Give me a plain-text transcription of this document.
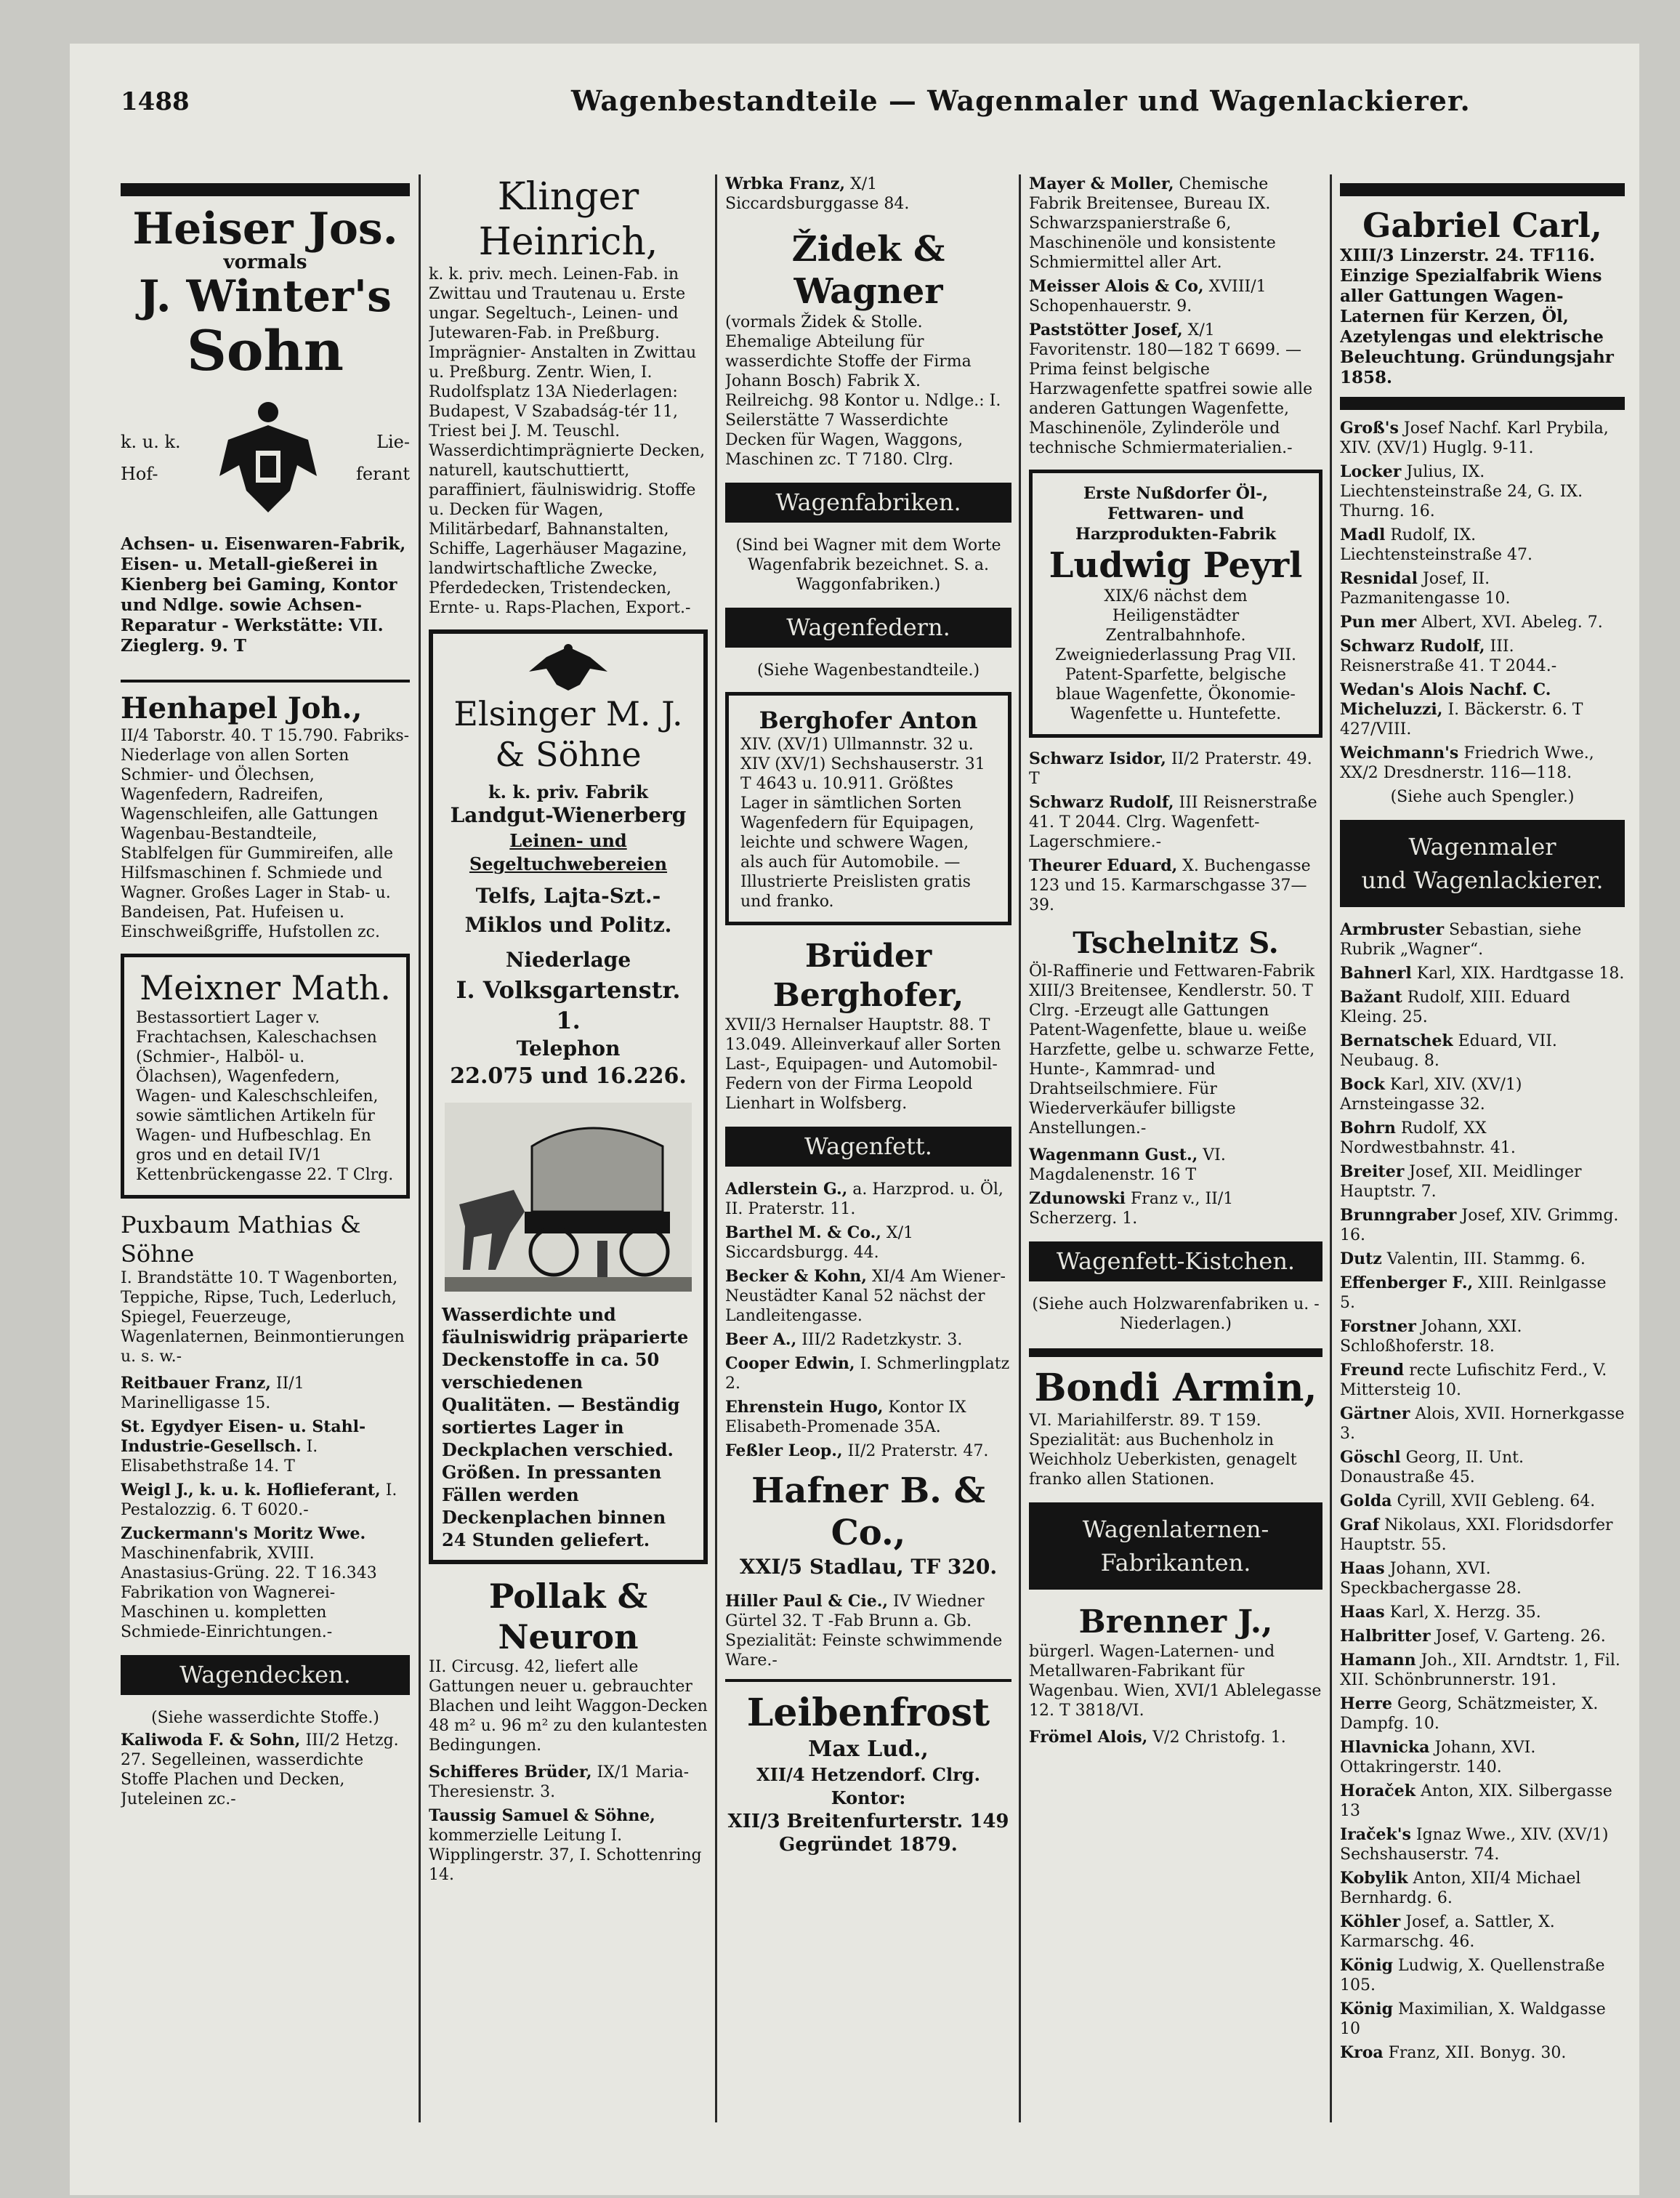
1488	Wagenbestandteile — Wagenmaler und Wagenlackierer.
Heiser Jos.
vormals
J. Winter's
Sohn
k. u. k.
Hof-
Lie-
ferant
Achsen- u. Eisenwaren-Fabrik, Eisen- u. Metall-gießerei in Kienberg bei Gaming, Kontor und Ndlge. sowie Achsen-Reparatur - Werkstätte: VII. Zieglerg. 9. T
Henhapel Joh.,
II/4 Taborstr. 40. T 15.790. Fabriks-Niederlage von allen Sorten Schmier- und Ölechsen, Wagenfedern, Radreifen, Wagenschleifen, alle Gattungen Wagenbau-Bestandteile, Stablfelgen für Gummireifen, alle Hilfsmaschinen f. Schmiede und Wagner. Großes Lager in Stab- u. Bandeisen, Pat. Hufeisen u. Einschweißgriffe, Hufstollen zc.
Meixner Math.
Bestassortiert Lager v. Frachtachsen, Kaleschachsen (Schmier-, Halböl- u. Ölachsen), Wagenfedern, Wagen- und Kaleschschleifen, sowie sämtlichen Artikeln für Wagen- und Hufbeschlag. En gros und en detail IV/1 Kettenbrückengasse 22. T Clrg.
Puxbaum Mathias & Söhne
I. Brandstätte 10. T Wagenborten, Teppiche, Ripse, Tuch, Lederluch, Spiegel, Feuerzeuge, Wagenlaternen, Beinmontierungen u. s. w.-
Reitbauer Franz, II/1 Marinelligasse 15.
St. Egydyer Eisen- u. Stahl-Industrie-Gesellsch. I. Elisabethstraße 14. T
Weigl J., k. u. k. Hoflieferant, I. Pestalozzig. 6. T 6020.-
Zuckermann's Moritz Wwe. Maschinenfabrik, XVIII. Anastasius-Grüng. 22. T 16.343 Fabrikation von Wagnerei-Maschinen u. kompletten Schmiede-Einrichtungen.-
Wagendecken.
(Siehe wasserdichte Stoffe.)
Kaliwoda F. & Sohn, III/2 Hetzg. 27. Segelleinen, wasserdichte Stoffe Plachen und Decken, Juteleinen zc.-
Klinger Heinrich,
k. k. priv. mech. Leinen-Fab. in Zwittau und Trautenau u. Erste ungar. Segeltuch-, Leinen- und Jutewaren-Fab. in Preßburg. Imprägnier- Anstalten in Zwittau u. Preßburg. Zentr. Wien, I. Rudolfsplatz 13A Niederlagen: Budapest, V Szabadság-tér 11, Triest bei J. M. Teuschl. Wasserdichtimprägnierte Decken, naturell, kautschuttiertt, paraffiniert, fäulniswidrig. Stoffe u. Decken für Wagen, Militärbedarf, Bahnanstalten, Schiffe, Lagerhäuser Magazine, landwirtschaftliche Zwecke, Pferdedecken, Tristendecken, Ernte- u. Raps-Plachen, Export.-
Elsinger M. J.
& Söhne
k. k. priv. Fabrik
Landgut-Wienerberg
Leinen- und Segeltuchwebereien
Telfs, Lajta-Szt.-Miklos und Politz.
Niederlage
I. Volksgartenstr. 1.
Telephon
22.075 und 16.226.
Wasserdichte und fäulniswidrig präparierte Deckenstoffe in ca. 50 verschiedenen Qualitäten. — Beständig sortiertes Lager in Deckplachen verschied. Größen. In pressanten Fällen werden Deckenplachen binnen 24 Stunden geliefert.
Pollak & Neuron
II. Circusg. 42, liefert alle Gattungen neuer u. gebrauchter Blachen und leiht Waggon-Decken 48 m² u. 96 m² zu den kulantesten Bedingungen.
Schifferes Brüder, IX/1 Maria-Theresienstr. 3.
Taussig Samuel & Söhne, kommerzielle Leitung I. Wipplingerstr. 37, I. Schottenring 14.
Wrbka Franz, X/1 Siccardsburggasse 84.
Židek & Wagner
(vormals Židek & Stolle. Ehemalige Abteilung für wasserdichte Stoffe der Firma Johann Bosch) Fabrik X. Reilreichg. 98 Kontor u. Ndlge.: I. Seilerstätte 7 Wasserdichte Decken für Wagen, Waggons, Maschinen zc. T 7180. Clrg.
Wagenfabriken.
(Sind bei Wagner mit dem Worte Wagenfabrik bezeichnet. S. a. Waggonfabriken.)
Wagenfedern.
(Siehe Wagenbestandteile.)
Berghofer Anton
XIV. (XV/1) Ullmannstr. 32 u. XIV (XV/1) Sechshauserstr. 31 T 4643 u. 10.911. Größtes Lager in sämtlichen Sorten Wagenfedern für Equipagen, leichte und schwere Wagen, als auch für Automobile. — Illustrierte Preislisten gratis und franko.
Brüder Berghofer,
XVII/3 Hernalser Hauptstr. 88. T 13.049. Alleinverkauf aller Sorten Last-, Equipagen- und Automobil-Federn von der Firma Leopold Lienhart in Wolfsberg.
Wagenfett.
Adlerstein G., a. Harzprod. u. Öl, II. Praterstr. 11.
Barthel M. & Co., X/1 Siccardsburgg. 44.
Becker & Kohn, XI/4 Am Wiener-Neustädter Kanal 52 nächst der Landleitengasse.
Beer A., III/2 Radetzkystr. 3.
Cooper Edwin, I. Schmerlingplatz 2.
Ehrenstein Hugo, Kontor IX Elisabeth-Promenade 35A.
Feßler Leop., II/2 Praterstr. 47.
Hafner B. & Co.,
XXI/5 Stadlau, TF 320.
Hiller Paul & Cie., IV Wiedner Gürtel 32. T -Fab Brunn a. Gb. Spezialität: Feinste schwimmende Ware.-
Leibenfrost
Max Lud.,
XII/4 Hetzendorf. Clrg.
Kontor:
XII/3 Breitenfurterstr. 149
Gegründet 1879.
Mayer & Moller, Chemische Fabrik Breitensee, Bureau IX. Schwarzspanierstraße 6, Maschinenöle und konsistente Schmiermittel aller Art.
Meisser Alois & Co, XVIII/1 Schopenhauerstr. 9.
Paststötter Josef, X/1 Favoritenstr. 180—182 T 6699. —Prima feinst belgische Harzwagenfette spatfrei sowie alle anderen Gattungen Wagenfette, Maschinenöle, Zylinderöle und technische Schmiermaterialien.-
Erste Nußdorfer Öl-, Fettwaren- und Harzprodukten-Fabrik
Ludwig Peyrl
XIX/6 nächst dem Heiligenstädter Zentralbahnhofe. Zweigniederlassung Prag VII. Patent-Sparfette, belgische blaue Wagenfette, Ökonomie-Wagenfette u. Huntefette.
Schwarz Isidor, II/2 Praterstr. 49. T
Schwarz Rudolf, III Reisnerstraße 41. T 2044. Clrg. Wagenfett-Lagerschmiere.-
Theurer Eduard, X. Buchengasse 123 und 15. Karmarschgasse 37—39.
Tschelnitz S.
Öl-Raffinerie und Fettwaren-Fabrik XIII/3 Breitensee, Kendlerstr. 50. T Clrg. -Erzeugt alle Gattungen Patent-Wagenfette, blaue u. weiße Harzfette, gelbe u. schwarze Fette, Hunte-, Kammrad- und Drahtseilschmiere. Für Wiederverkäufer billigste Anstellungen.-
Wagenmann Gust., VI. Magdalenenstr. 16 T
Zdunowski Franz v., II/1 Scherzerg. 1.
Wagenfett-Kistchen.
(Siehe auch Holzwarenfabriken u. -Niederlagen.)
Bondi Armin,
VI. Mariahilferstr. 89. T 159. Spezialität: aus Buchenholz in Weichholz Ueberkisten, genagelt franko allen Stationen.
Wagenlaternen-
Fabrikanten.
Brenner J.,
bürgerl. Wagen-Laternen- und Metallwaren-Fabrikant für Wagenbau. Wien, XVI/1 Ablelegasse 12. T 3818/VI.
Frömel Alois, V/2 Christofg. 1.
Gabriel Carl,
XIII/3 Linzerstr. 24. TF116. Einzige Spezialfabrik Wiens aller Gattungen Wagen-Laternen für Kerzen, Öl, Azetylengas und elektrische Beleuchtung. Gründungsjahr 1858.
Groß's Josef Nachf. Karl Prybila, XIV. (XV/1) Huglg. 9-11.
Locker Julius, IX. Liechtensteinstraße 24, G. IX. Thurng. 16.
Madl Rudolf, IX. Liechtensteinstraße 47.
Resnidal Josef, II. Pazmanitengasse 10.
Pun mer Albert, XVI. Abeleg. 7.
Schwarz Rudolf, III. Reisnerstraße 41. T 2044.-
Wedan's Alois Nachf. C. Micheluzzi, I. Bäckerstr. 6. T 427/VIII.
Weichmann's Friedrich Wwe., XX/2 Dresdnerstr. 116—118.
(Siehe auch Spengler.)
Wagenmaler
und Wagenlackierer.
Armbruster Sebastian, siehe Rubrik „Wagner“.
Bahnerl Karl, XIX. Hardtgasse 18.
Bažant Rudolf, XIII. Eduard Kleing. 25.
Bernatschek Eduard, VII. Neubaug. 8.
Bock Karl, XIV. (XV/1) Arnsteingasse 32.
Bohrn Rudolf, XX Nordwestbahnstr. 41.
Breiter Josef, XII. Meidlinger Hauptstr. 7.
Brunngraber Josef, XIV. Grimmg. 16.
Dutz Valentin, III. Stammg. 6.
Effenberger F., XIII. Reinlgasse 5.
Forstner Johann, XXI. Schloßhoferstr. 18.
Freund recte Lufischitz Ferd., V. Mittersteig 10.
Gärtner Alois, XVII. Hornerkgasse 3.
Göschl Georg, II. Unt. Donaustraße 45.
Golda Cyrill, XVII Gebleng. 64.
Graf Nikolaus, XXI. Floridsdorfer Hauptstr. 55.
Haas Johann, XVI. Speckbachergasse 28.
Haas Karl, X. Herzg. 35.
Halbritter Josef, V. Garteng. 26.
Hamann Joh., XII. Arndtstr. 1, Fil. XII. Schönbrunnerstr. 191.
Herre Georg, Schätzmeister, X. Dampfg. 10.
Hlavnicka Johann, XVI. Ottakringerstr. 140.
Horaček Anton, XIX. Silbergasse 13
Iraček's Ignaz Wwe., XIV. (XV/1) Sechshauserstr. 74.
Kobylik Anton, XII/4 Michael Bernhardg. 6.
Köhler Josef, a. Sattler, X. Karmarschg. 46.
König Ludwig, X. Quellenstraße 105.
König Maximilian, X. Waldgasse 10
Kroa Franz, XII. Bonyg. 30.
